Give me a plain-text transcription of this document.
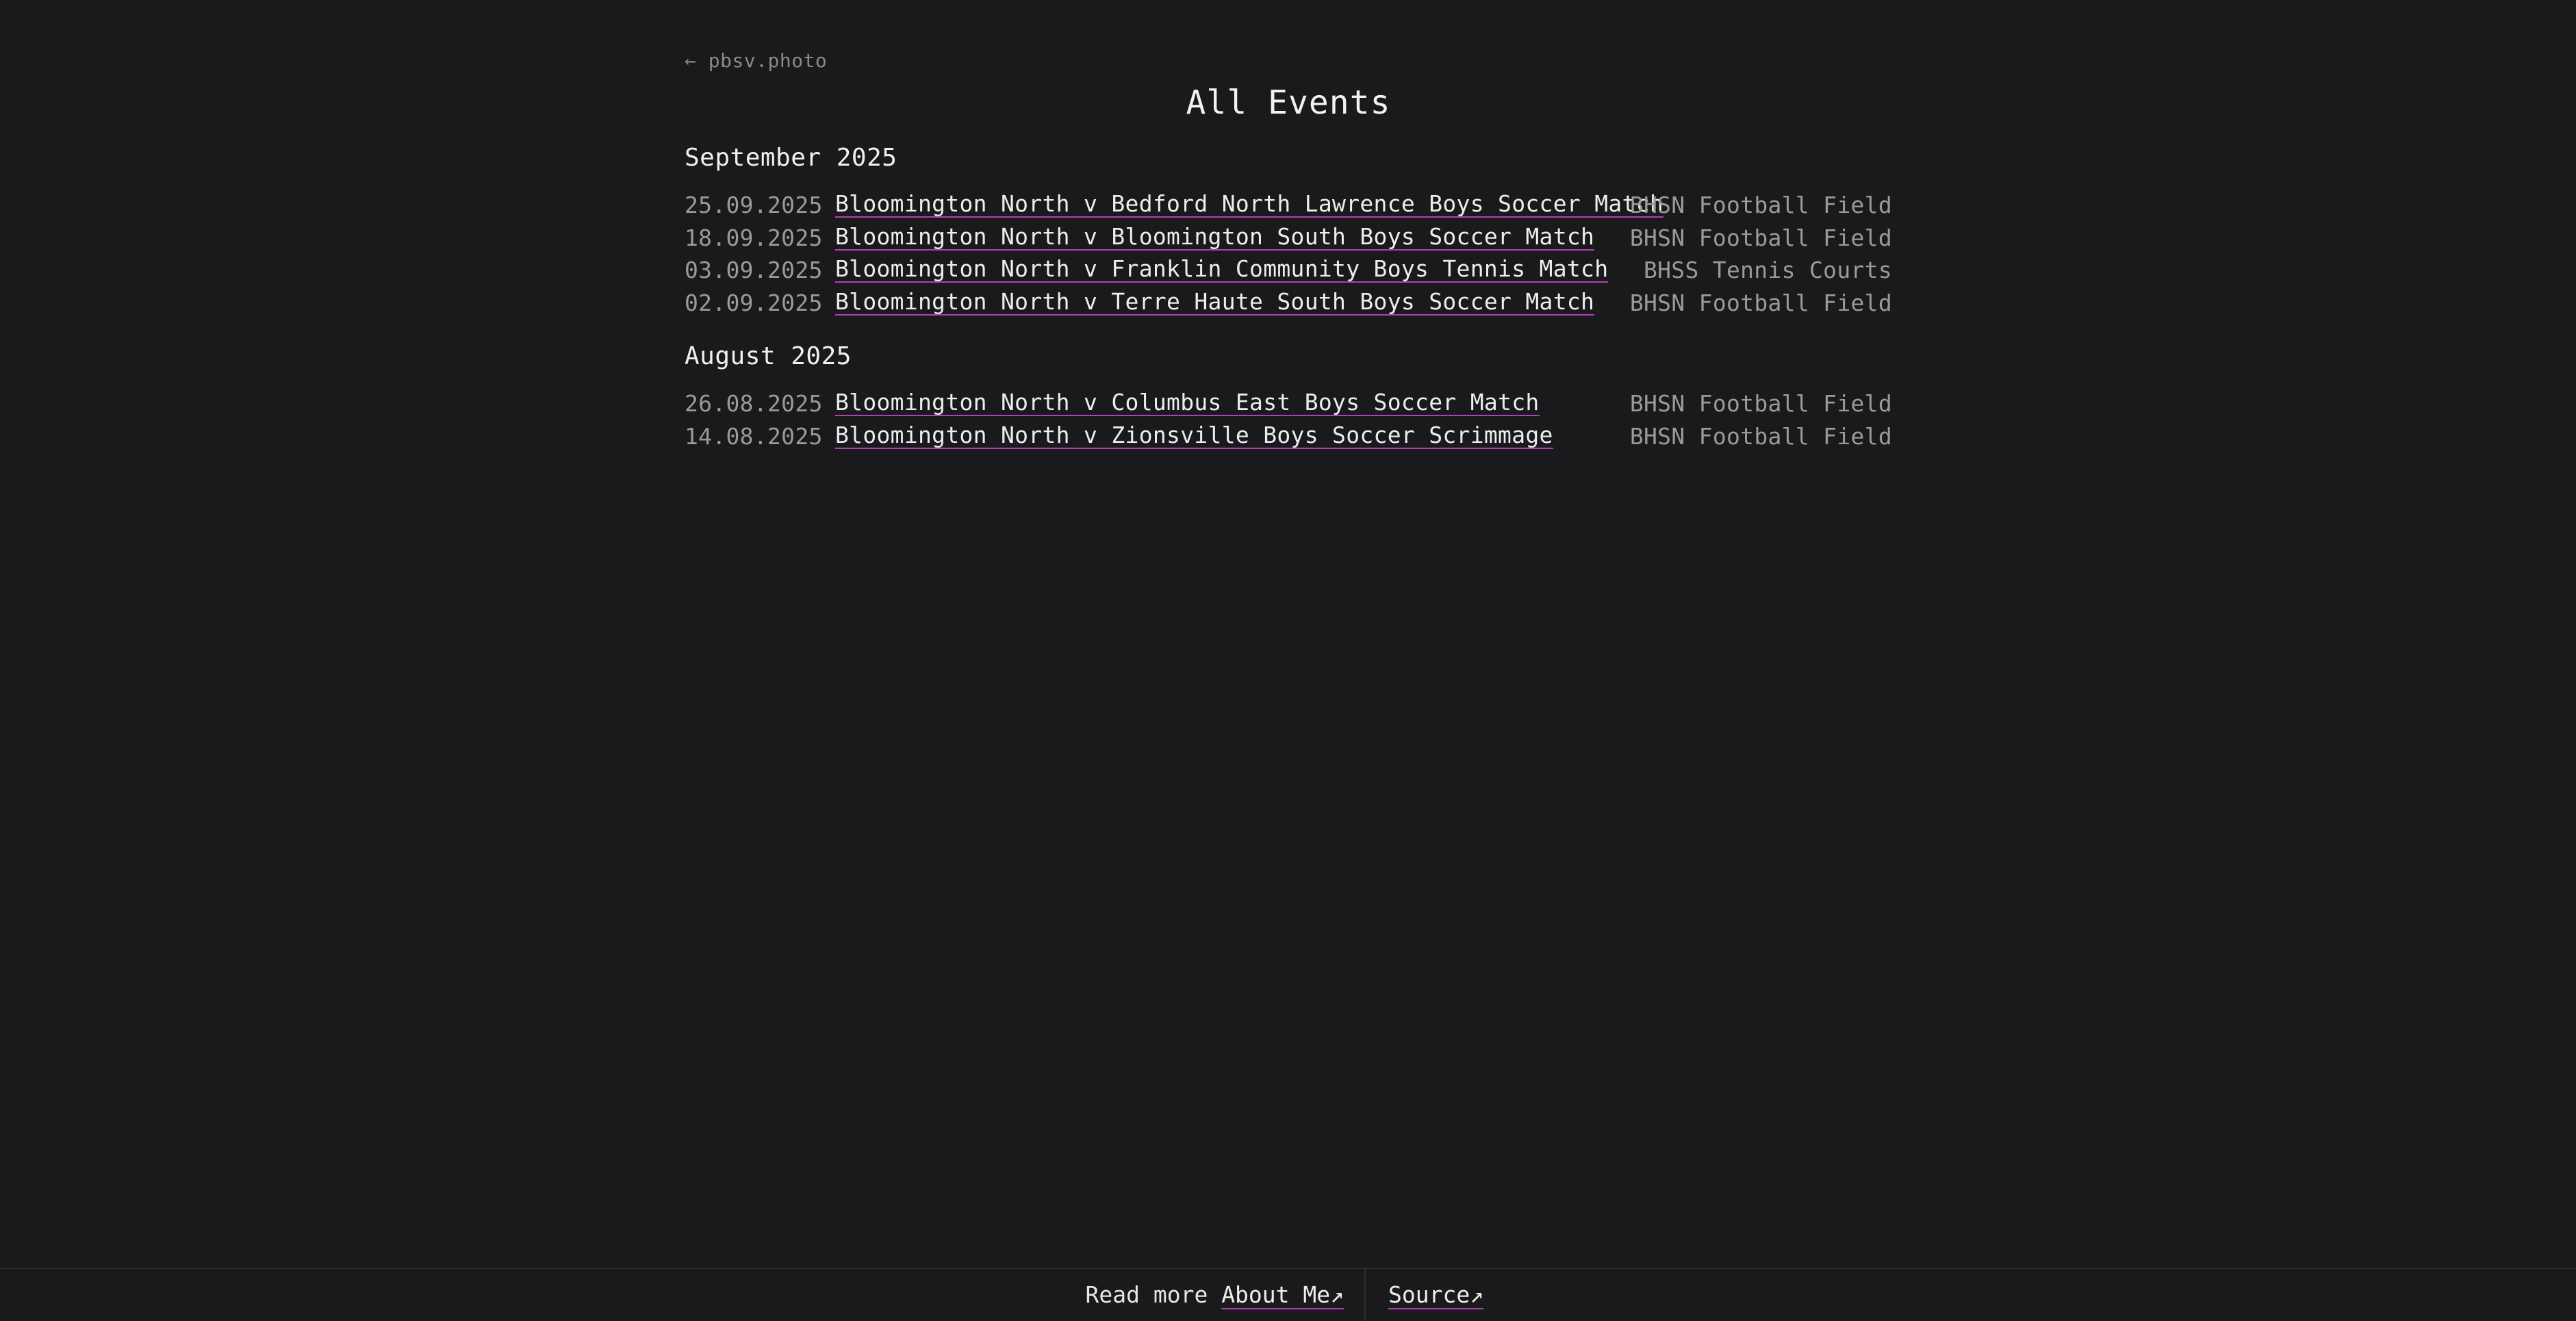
← pbsv.photo
All Events
September 2025
25.09.2025 Bloomington North v Bedford North Lawrence Boys Soccer Match
BHSN Football Field
18.09.2025 Bloomington North v Bloomington South Boys Soccer Match BHSN Football Field
03.09.2025 Bloomington North v Franklin Community Boys Tennis Match BHSS Tennis Courts
02.09.2025 Bloomington North v Terre Haute South Boys Soccer Match BHSN Football Field
August 2025
26.08.2025 Bloomington North v Columbus East Boys Soccer Match	BHSN Football Field
14.08.2025 Bloomington North v Zionsville Boys Soccer Scrimmage	BHSN Football Field
Read more About Me↗ Source↗
